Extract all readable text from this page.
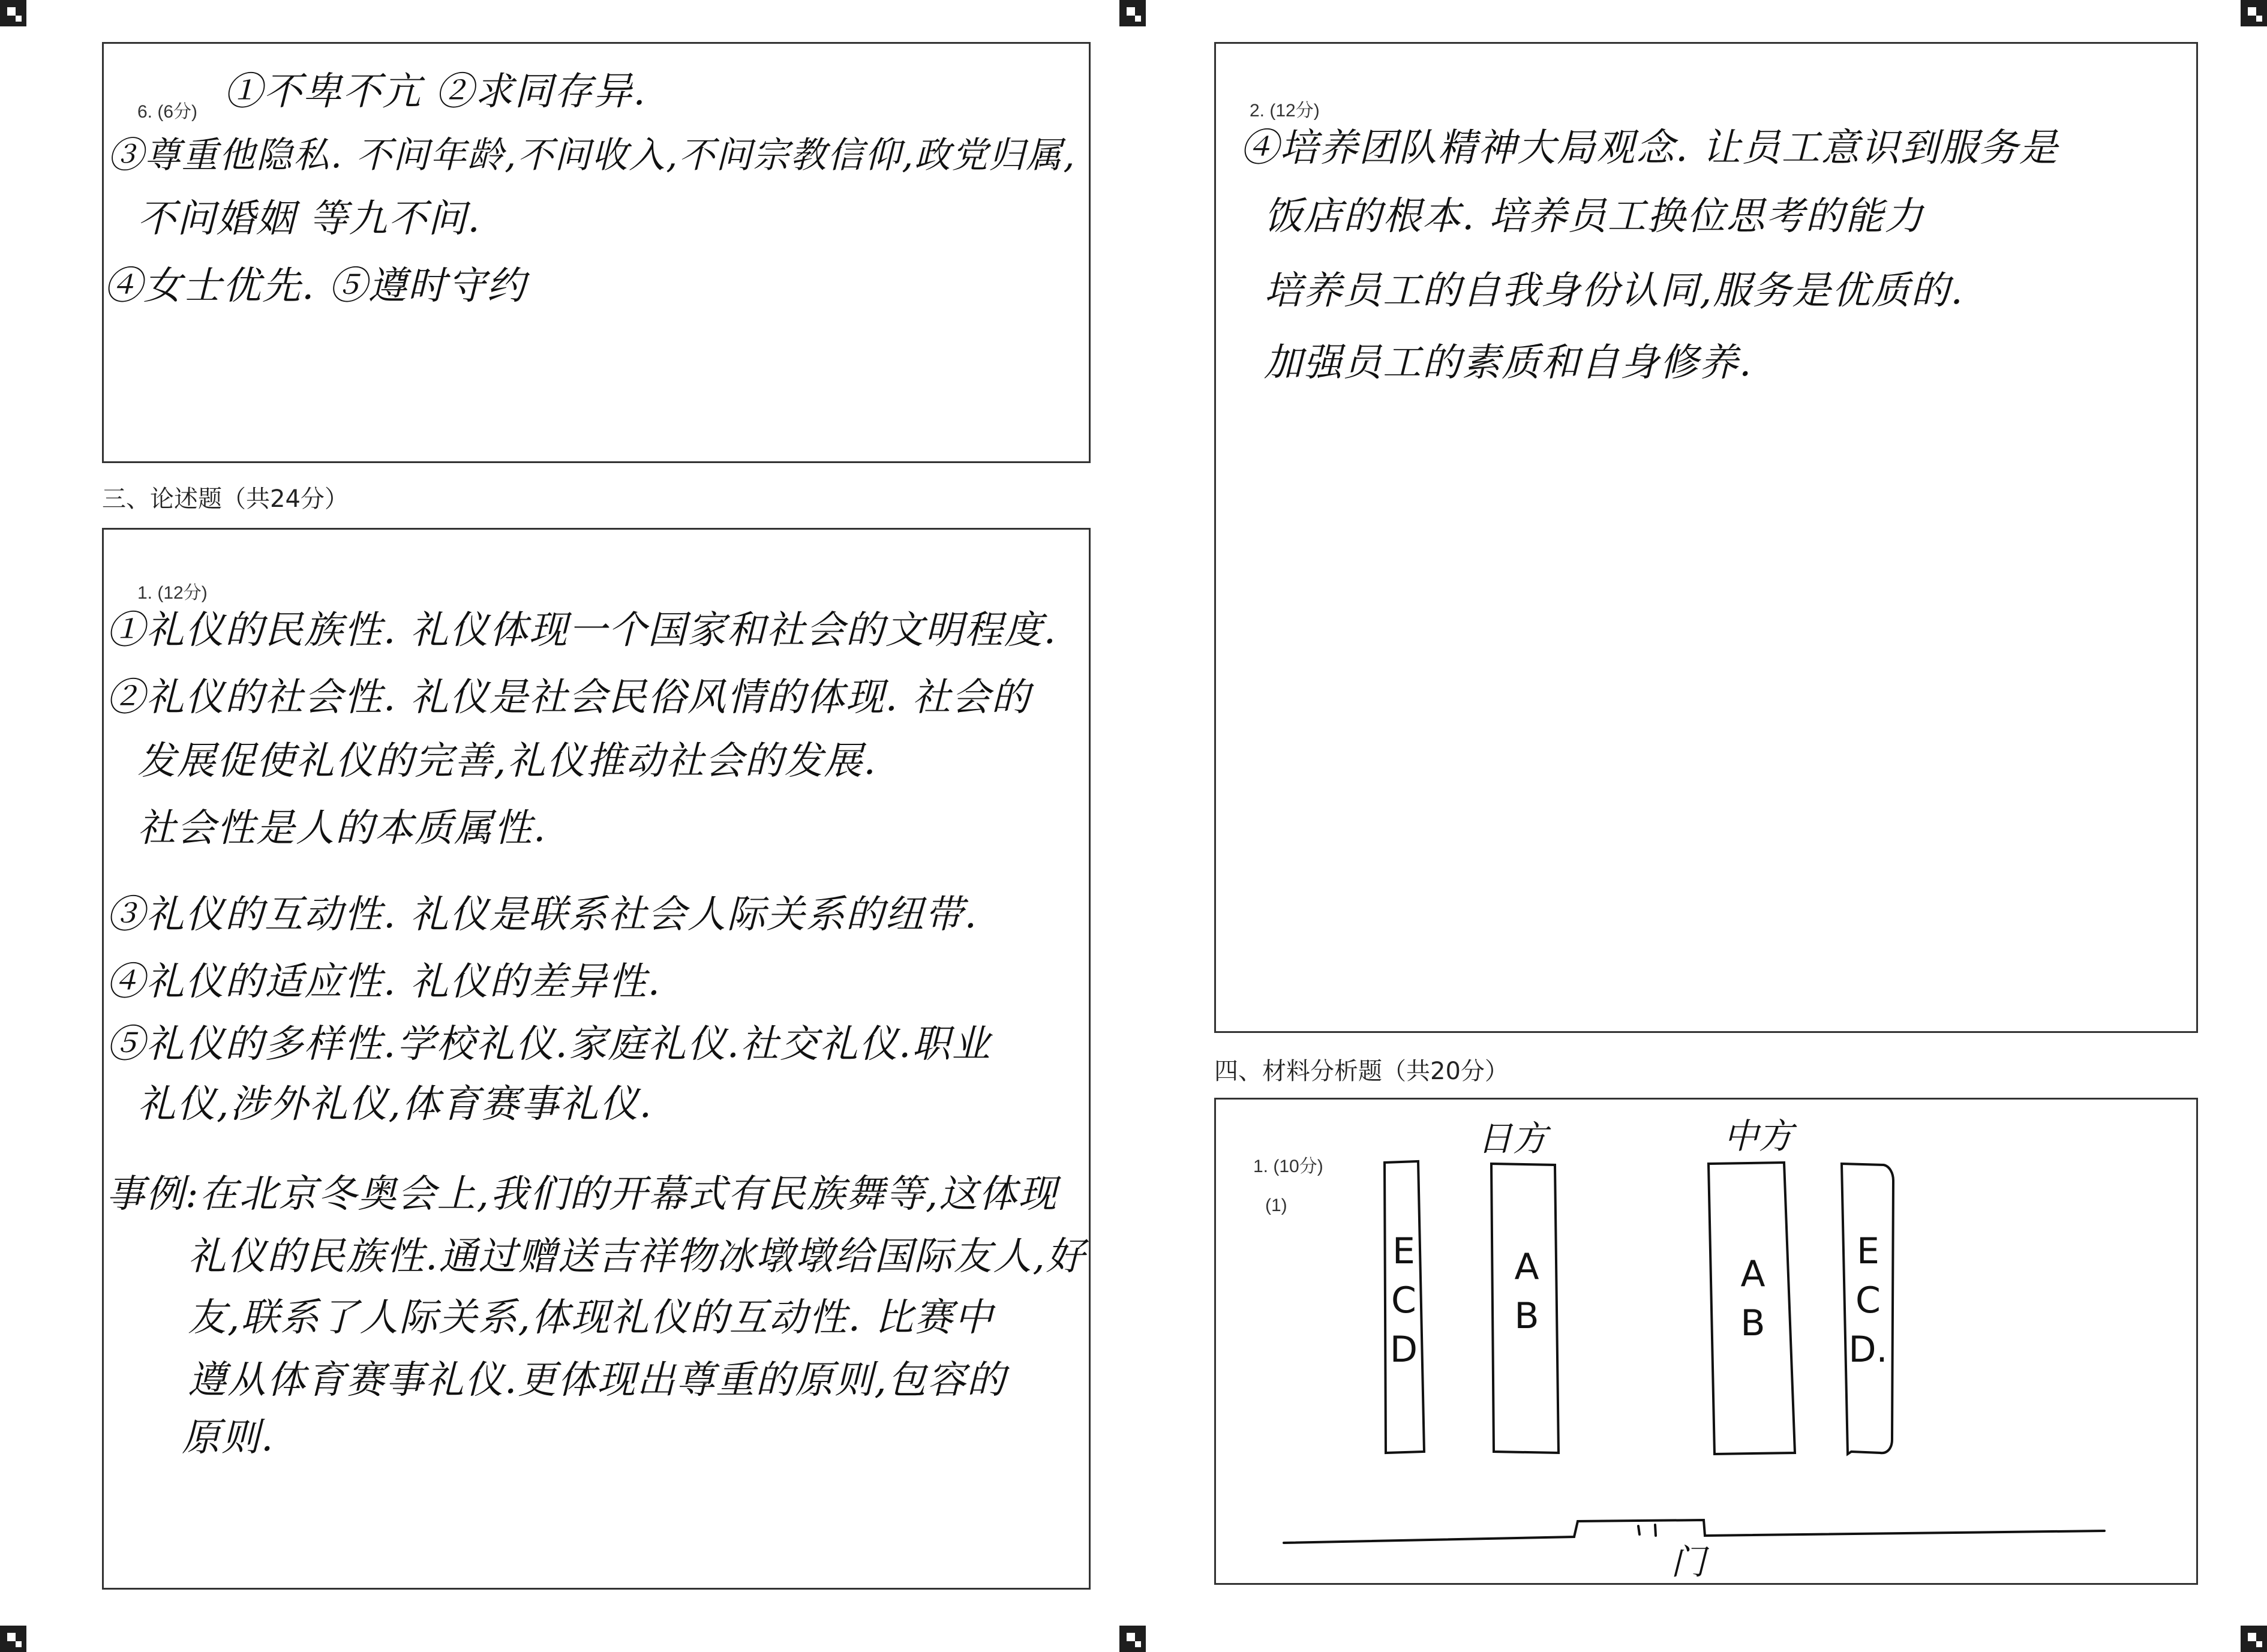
6. (6分) ①不卑不亢 ②求同存异.
③尊重他隐私. 不问年龄,不问收入,不问宗教信仰,政党归属,
不问婚姻 等九不问.
④女士优先. ⑤遵时守约
三、论述题（共24分）
1. (12分)
①礼仪的民族性. 礼仪体现一个国家和社会的文明程度.
②礼仪的社会性. 礼仪是社会民俗风情的体现. 社会的
发展促使礼仪的完善,礼仪推动社会的发展.
社会性是人的本质属性.
③礼仪的互动性. 礼仪是联系社会人际关系的纽带.
④礼仪的适应性. 礼仪的差异性.
⑤礼仪的多样性.学校礼仪.家庭礼仪.社交礼仪.职业
礼仪,涉外礼仪,体育赛事礼仪.
事例:在北京冬奥会上,我们的开幕式有民族舞等,这体现
礼仪的民族性.通过赠送吉祥物冰墩墩给国际友人,好
友,联系了人际关系,体现礼仪的互动性. 比赛中
遵从体育赛事礼仪.更体现出尊重的原则,包容的
原则.
2. (12分)
④培养团队精神大局观念. 让员工意识到服务是
饭店的根本. 培养员工换位思考的能力
培养员工的自我身份认同,服务是优质的.
加强员工的素质和自身修养.
四、材料分析题（共20分）
1. (10分)
(1)
日方	中方
E
C
D
A
B
A
B
E
C
D.
门
